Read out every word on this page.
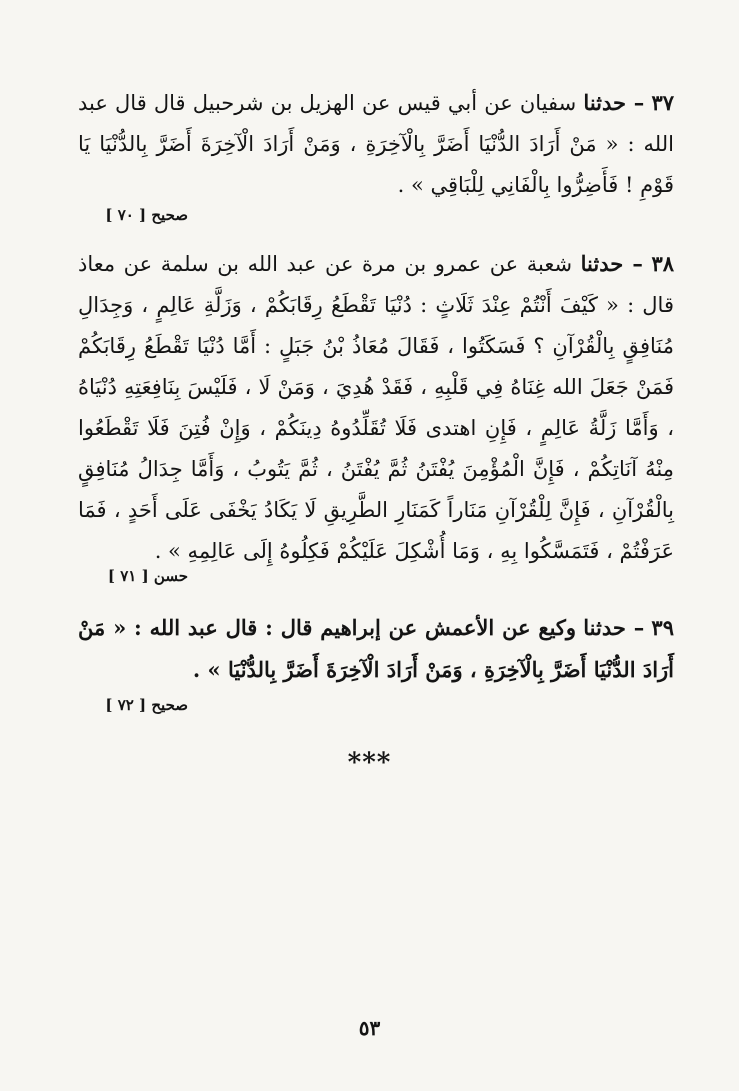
٣٧ – حدثنا سفيان عن أبي قيس عن الهزيل بن شرحبيل قال قال عبد الله : « مَنْ أَرَادَ الدُّنْيَا أَضَرَّ بِالْآخِرَةِ ، وَمَنْ أَرَادَ الْآخِرَةَ أَضَرَّ بِالدُّنْيَا يَا قَوْمِ ! فَأَضِرُّوا بِالْفَانِي لِلْبَاقِي » .
صحيح [ ٧٠ ]
٣٨ – حدثنا شعبة عن عمرو بن مرة عن عبد الله بن سلمة عن معاذ قال : « كَيْفَ أَنْتُمْ عِنْدَ ثَلَاثٍ : دُنْيَا تَقْطَعُ رِقَابَكُمْ ، وَزَلَّةِ عَالِمٍ ، وَجِدَالِ مُنَافِقٍ بِالْقُرْآنِ ؟ فَسَكَتُوا ، فَقَالَ مُعَاذُ بْنُ جَبَلٍ : أَمَّا دُنْيَا تَقْطَعُ رِقَابَكُمْ فَمَنْ جَعَلَ الله غِنَاهُ فِي قَلْبِهِ ، فَقَدْ هُدِيَ ، وَمَنْ لَا ، فَلَيْسَ بِنَافِعَتِهِ دُنْيَاهُ ، وَأَمَّا زَلَّةُ عَالِمٍ ، فَإِنِ اهتدى فَلَا تُقَلِّدُوهُ دِينَكُمْ ، وَإِنْ فُتِنَ فَلَا تَقْطَعُوا مِنْهُ آنَاتِكُمْ ، فَإِنَّ الْمُؤْمِنَ يُفْتَنُ ثُمَّ يُفْتَنُ ، ثُمَّ يَتُوبُ ، وَأَمَّا جِدَالُ مُنَافِقٍ بِالْقُرْآنِ ، فَإِنَّ لِلْقُرْآنِ مَنَاراً كَمَنَارِ الطَّرِيقِ لَا يَكَادُ يَخْفَى عَلَى أَحَدٍ ، فَمَا عَرَفْتُمْ ، فَتَمَسَّكُوا بِهِ ، وَمَا أُشْكِلَ عَلَيْكُمْ فَكِلُوهُ إِلَى عَالِمِهِ » .
حسن [ ٧١ ]
٣٩ – حدثنا وكيع عن الأعمش عن إبراهيم قال : قال عبد الله : « مَنْ أَرَادَ الدُّنْيَا أَضَرَّ بِالْآخِرَةِ ، وَمَنْ أَرَادَ الْآخِرَةَ أَضَرَّ بِالدُّنْيَا » .
صحيح [ ٧٢ ]
***
٥٣
